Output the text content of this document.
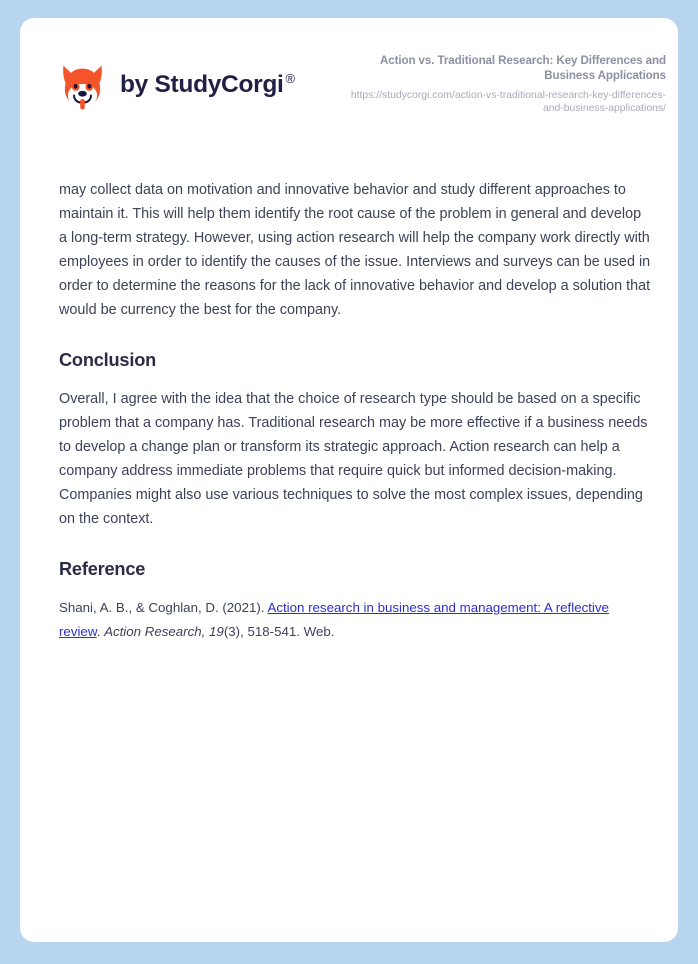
by StudyCorgi ®

Action vs. Traditional Research: Key Differences and Business Applications

https://studycorgi.com/action-vs-traditional-research-key-differences-and-business-applications/

may collect data on motivation and innovative behavior and study different approaches to maintain it. This will help them identify the root cause of the problem in general and develop a long-term strategy. However, using action research will help the company work directly with employees in order to identify the causes of the issue. Interviews and surveys can be used in order to determine the reasons for the lack of innovative behavior and develop a solution that would be currency the best for the company.

Conclusion

Overall, I agree with the idea that the choice of research type should be based on a specific problem that a company has. Traditional research may be more effective if a business needs to develop a change plan or transform its strategic approach. Action research can help a company address immediate problems that require quick but informed decision-making. Companies might also use various techniques to solve the most complex issues, depending on the context.

Reference

Shani, A. B., & Coghlan, D. (2021). Action research in business and management: A reflective review. Action Research, 19(3), 518-541. Web.
